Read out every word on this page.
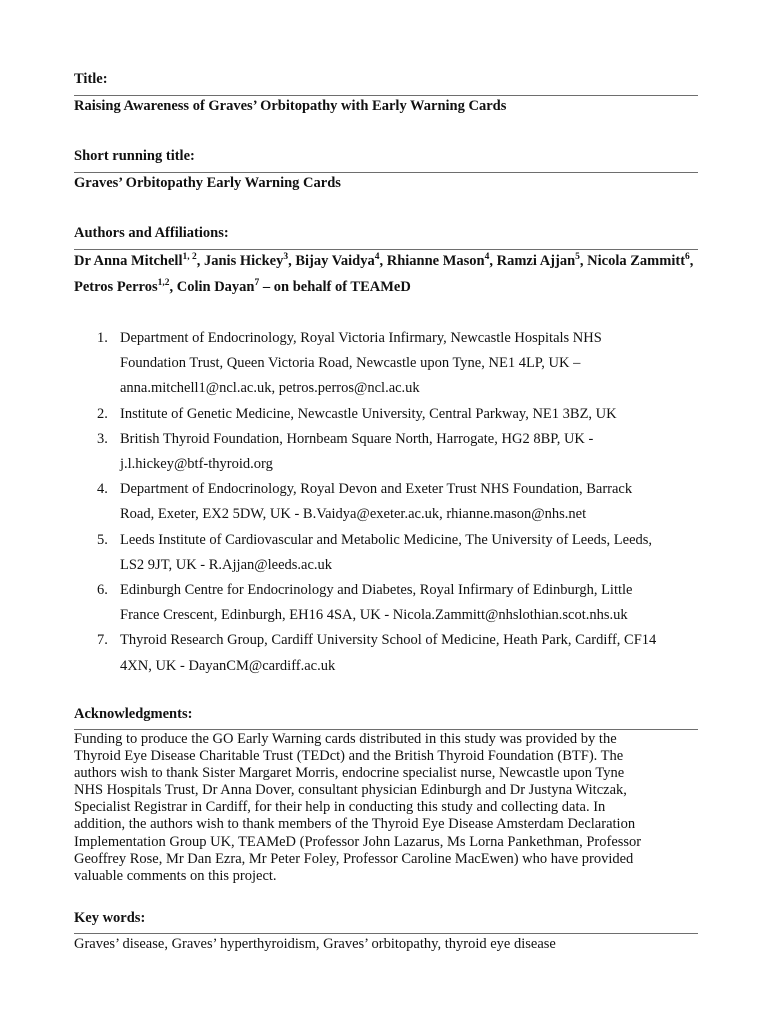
Title:
Raising Awareness of Graves’ Orbitopathy with Early Warning Cards
Short running title:
Graves’ Orbitopathy Early Warning Cards
Authors and Affiliations:
Dr Anna Mitchell$^{1, 2}$, Janis Hickey$^3$, Bijay Vaidya$^4$, Rhianne Mason$^4$, Ramzi Ajjan$^5$, Nicola Zammitt$^6$, Petros Perros$^{1,2}$, Colin Dayan$^7$ – on behalf of TEAMeD
1. Department of Endocrinology, Royal Victoria Infirmary, Newcastle Hospitals NHS
Foundation Trust, Queen Victoria Road, Newcastle upon Tyne, NE1 4LP, UK –
anna.mitchell1@ncl.ac.uk, petros.perros@ncl.ac.uk
2. Institute of Genetic Medicine, Newcastle University, Central Parkway, NE1 3BZ, UK
3. British Thyroid Foundation, Hornbeam Square North, Harrogate, HG2 8BP, UK -
j.l.hickey@btf-thyroid.org
4. Department of Endocrinology, Royal Devon and Exeter Trust NHS Foundation, Barrack
Road, Exeter, EX2 5DW, UK - B.Vaidya@exeter.ac.uk, rhianne.mason@nhs.net
5. Leeds Institute of Cardiovascular and Metabolic Medicine, The University of Leeds, Leeds,
LS2 9JT, UK - R.Ajjan@leeds.ac.uk
6. Edinburgh Centre for Endocrinology and Diabetes, Royal Infirmary of Edinburgh, Little
France Crescent, Edinburgh, EH16 4SA, UK - Nicola.Zammitt@nhslothian.scot.nhs.uk
7. Thyroid Research Group, Cardiff University School of Medicine, Heath Park, Cardiff, CF14
4XN, UK - DayanCM@cardiff.ac.uk
Acknowledgments:
Funding to produce the GO Early Warning cards distributed in this study was provided by the
Thyroid Eye Disease Charitable Trust (TEDct) and the British Thyroid Foundation (BTF). The
authors wish to thank Sister Margaret Morris, endocrine specialist nurse, Newcastle upon Tyne
NHS Hospitals Trust, Dr Anna Dover, consultant physician Edinburgh and Dr Justyna Witczak,
Specialist Registrar in Cardiff, for their help in conducting this study and collecting data. In
addition, the authors wish to thank members of the Thyroid Eye Disease Amsterdam Declaration
Implementation Group UK, TEAMeD (Professor John Lazarus, Ms Lorna Pankethman, Professor
Geoffrey Rose, Mr Dan Ezra, Mr Peter Foley, Professor Caroline MacEwen) who have provided
valuable comments on this project.
Key words:
Graves’ disease, Graves’ hyperthyroidism, Graves’ orbitopathy, thyroid eye disease
